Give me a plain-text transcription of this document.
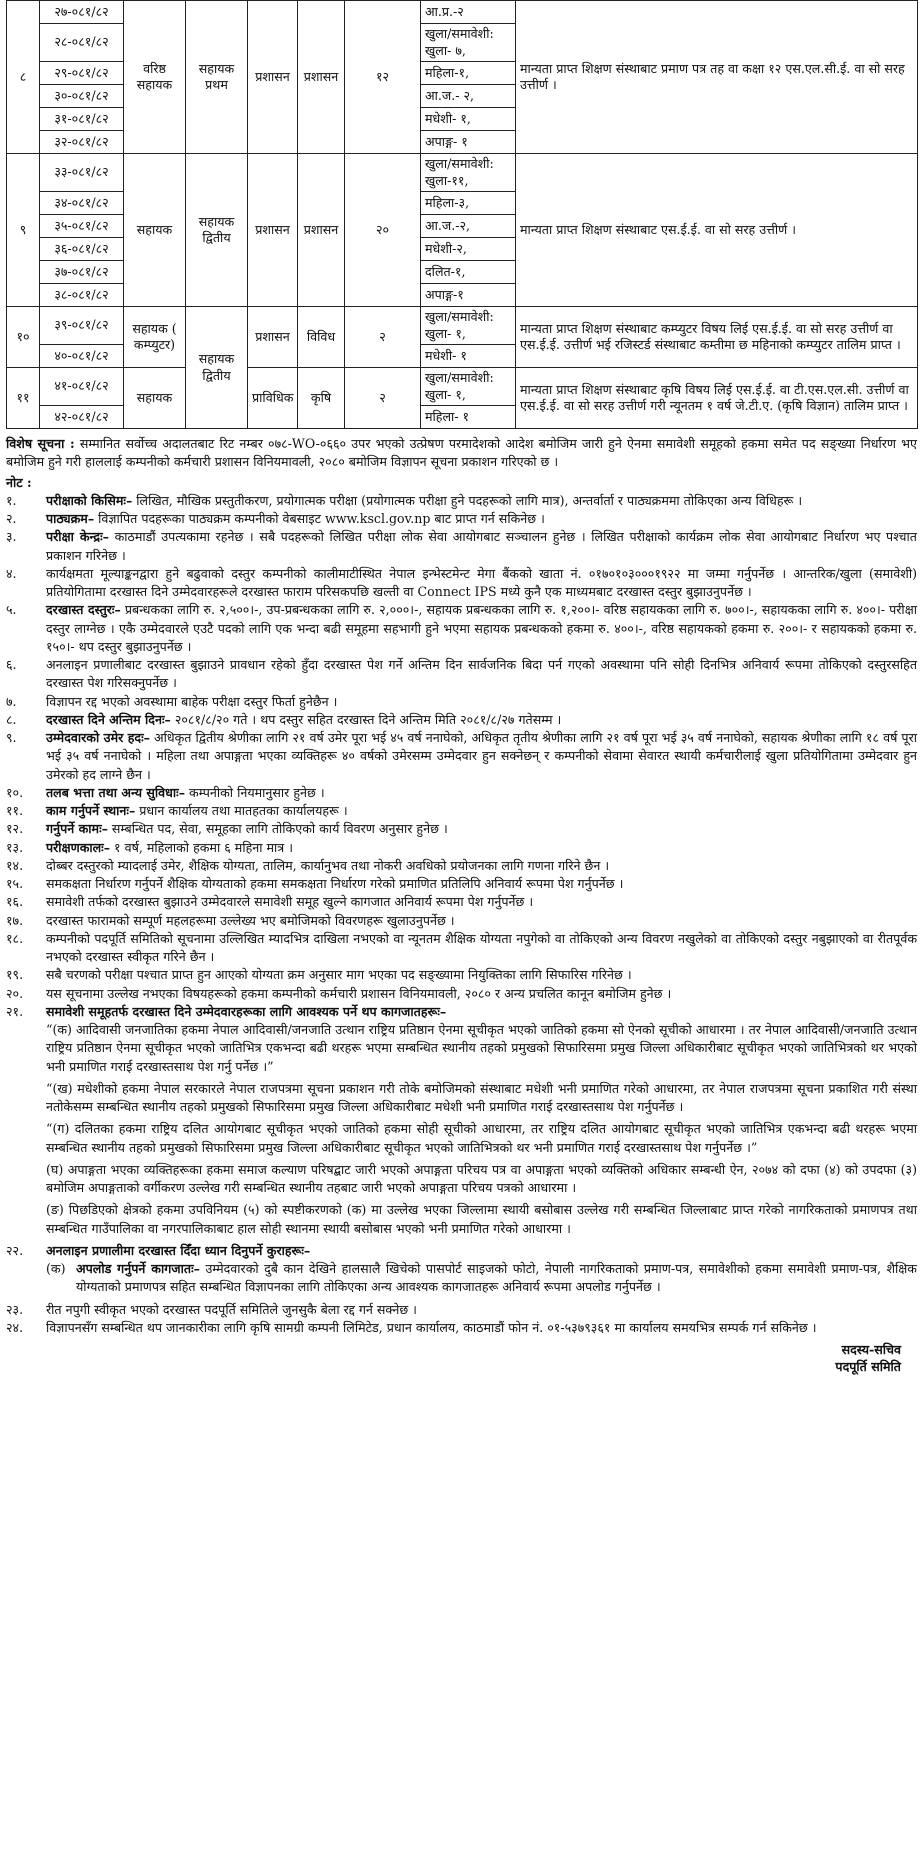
८	२७-०८१/८२	वरिष्ठ सहायक	सहायक प्रथम	प्रशासन	प्रशासन	१२	आ.प्र.-२	मान्यता प्राप्त शिक्षण संस्थाबाट प्रमाण पत्र तह वा कक्षा १२ एस.एल.सी.ई. वा सो सरह उत्तीर्ण ।
	२८-०८१/८२						खुला/समावेशी: खुला- ७,	
	२९-०८१/८२						महिला-१,	
	३०-०८१/८२						आ.ज.- २,	
	३१-०८१/८२						मधेशी- १,	
	३२-०८१/८२						अपाङ्ग- १	
९	३३-०८१/८२	सहायक	सहायक द्वितीय	प्रशासन	प्रशासन	२०	खुला/समावेशी: खुला-११,	मान्यता प्राप्त शिक्षण संस्थाबाट एस.ई.ई. वा सो सरह उत्तीर्ण ।
	३४-०८१/८२						महिला-३,	
	३५-०८१/८२						आ.ज.-२,	
	३६-०८१/८२						मधेशी-२,	
	३७-०८१/८२						दलित-१,	
	३८-०८१/८२						अपाङ्ग-१	
१०	३९-०८१/८२	सहायक ( कम्प्युटर)	सहायक द्वितीय	प्रशासन	विविध	२	खुला/समावेशी: खुला- १,	मान्यता प्राप्त शिक्षण संस्थाबाट कम्प्युटर विषय लिई एस.ई.ई. वा सो सरह उत्तीर्ण वा एस.ई.ई. उत्तीर्ण भई रजिस्टर्ड संस्थाबाट कम्तीमा छ महिनाको कम्प्युटर तालिम प्राप्त ।
	४०-०८१/८२						मधेशी- १	
११	४१-०८१/८२	सहायक		प्राविधिक	कृषि	२	खुला/समावेशी: खुला- १,	मान्यता प्राप्त शिक्षण संस्थाबाट कृषि विषय लिई एस.ई.ई. वा टी.एस.एल.सी. उत्तीर्ण वा एस.ई.ई. वा सो सरह उत्तीर्ण गरी न्यूनतम १ वर्ष जे.टी.ए. (कृषि विज्ञान) तालिम प्राप्त ।
	४२-०८१/८२						महिला- १	
विशेष सूचना : सम्मानित सर्वोच्च अदालतबाट रिट नम्बर ०७८-WO-०६६० उपर भएको उत्प्रेषण परमादेशको आदेश बमोजिम जारी हुने ऐनमा समावेशी समूहको हकमा समेत पद सङ्ख्या निर्धारण भए बमोजिम हुने गरी हाललाई कम्पनीको कर्मचारी प्रशासन विनियमावली, २०८० बमोजिम विज्ञापन सूचना प्रकाशन गरिएको छ ।
नोट :
१.	परीक्षाको किसिमः– लिखित, मौखिक प्रस्तुतीकरण, प्रयोगात्मक परीक्षा (प्रयोगात्मक परीक्षा हुने पदहरूको लागि मात्र), अन्तर्वार्ता र पाठ्यक्रममा तोकिएका अन्य विधिहरू ।
२.	पाठ्यक्रम– विज्ञापित पदहरूका पाठ्यक्रम कम्पनीको वेबसाइट www.kscl.gov.np बाट प्राप्त गर्न सकिनेछ ।
३.	परीक्षा केन्द्रः– काठमाडौं उपत्यकामा रहनेछ । सबै पदहरूको लिखित परीक्षा लोक सेवा आयोगबाट सञ्चालन हुनेछ । लिखित परीक्षाको कार्यक्रम लोक सेवा आयोगबाट निर्धारण भए पश्चात प्रकाशन गरिनेछ ।
४.	कार्यक्षमता मूल्याङ्कनद्वारा हुने बढुवाको दस्तुर कम्पनीको कालीमाटीस्थित नेपाल इन्भेस्टमेन्ट मेगा बैंकको खाता नं. ०१७०१०३०००१९२२ मा जम्मा गर्नुपर्नेछ । आन्तरिक/खुला (समावेशी) प्रतियोगितामा दरखास्त दिने उम्मेदवारहरूले दरखास्त फाराम परिसकपछि खल्ती वा Connect IPS मध्ये कुनै एक माध्यमबाट दरखास्त दस्तुर बुझाउनुपर्नेछ ।
५.	दरखास्त दस्तुरः– प्रबन्धकका लागि रु. २,५००।-, उप-प्रबन्धकका लागि रु. २,०००।-, सहायक प्रबन्धकका लागि रु. १,२००।- वरिष्ठ सहायकका लागि रु. ७००।-, सहायकका लागि रु. ४००।- परीक्षा दस्तुर लाग्नेछ । एकै उम्मेदवारले एउटै पदको लागि एक भन्दा बढी समूहमा सहभागी हुने भएमा सहायक प्रबन्धकको हकमा रु. ४००।-, वरिष्ठ सहायकको हकमा रु. २००।- र सहायकको हकमा रु. १५०।- थप दस्तुर बुझाउनुपर्नेछ ।
६.	अनलाइन प्रणालीबाट दरखास्त बुझाउने प्रावधान रहेको हुँदा दरखास्त पेश गर्ने अन्तिम दिन सार्वजनिक बिदा पर्न गएको अवस्थामा पनि सोही दिनभित्र अनिवार्य रूपमा तोकिएको दस्तुरसहित दरखास्त पेश गरिसक्नुपर्नेछ ।
७.	विज्ञापन रद्द भएको अवस्थामा बाहेक परीक्षा दस्तुर फिर्ता हुनेछैन ।
८.	दरखास्त दिने अन्तिम दिनः– २०८१/८/२० गते । थप दस्तुर सहित दरखास्त दिने अन्तिम मिति २०८१/८/२७ गतेसम्म ।
९.	उम्मेदवारको उमेर हदः– अधिकृत द्वितीय श्रेणीका लागि २१ वर्ष उमेर पूरा भई ४५ वर्ष ननाघेको, अधिकृत तृतीय श्रेणीका लागि २१ वर्ष पूरा भई ३५ वर्ष ननाघेको, सहायक श्रेणीका लागि १८ वर्ष पूरा भई ३५ वर्ष ननाघेको । महिला तथा अपाङ्गता भएका व्यक्तिहरू ४० वर्षको उमेरसम्म उम्मेदवार हुन सक्नेछन् र कम्पनीको सेवामा सेवारत स्थायी कर्मचारीलाई खुला प्रतियोगितामा उम्मेदवार हुन उमेरको हद लाग्ने छैन ।
१०.	तलब भत्ता तथा अन्य सुविधाः– कम्पनीको नियमानुसार हुनेछ ।
११.	काम गर्नुपर्ने स्थानः– प्रधान कार्यालय तथा मातहतका कार्यालयहरू ।
१२.	गर्नुपर्ने कामः– सम्बन्धित पद, सेवा, समूहका लागि तोकिएको कार्य विवरण अनुसार हुनेछ ।
१३.	परीक्षणकालः– १ वर्ष, महिलाको हकमा ६ महिना मात्र ।
१४.	दोब्बर दस्तुरको म्यादलाई उमेर, शैक्षिक योग्यता, तालिम, कार्यानुभव तथा नोकरी अवधिको प्रयोजनका लागि गणना गरिने छैन ।
१५.	समकक्षता निर्धारण गर्नुपर्ने शैक्षिक योग्यताको हकमा समकक्षता निर्धारण गरेको प्रमाणित प्रतिलिपि अनिवार्य रूपमा पेश गर्नुपर्नेछ ।
१६.	समावेशी तर्फको दरखास्त बुझाउने उम्मेदवारले समावेशी समूह खुल्ने कागजात अनिवार्य रूपमा पेश गर्नुपर्नेछ ।
१७.	दरखास्त फारामको सम्पूर्ण महलहरूमा उल्लेख्य भए बमोजिमको विवरणहरू खुलाउनुपर्नेछ ।
१८.	कम्पनीको पदपूर्ति समितिको सूचनामा उल्लिखित म्यादभित्र दाखिला नभएको वा न्यूनतम शैक्षिक योग्यता नपुगेको वा तोकिएको अन्य विवरण नखुलेको वा तोकिएको दस्तुर नबुझाएको वा रीतपूर्वक नभएको दरखास्त स्वीकृत गरिने छैन ।
१९.	सबै चरणको परीक्षा पश्चात प्राप्त हुन आएको योग्यता क्रम अनुसार माग भएका पद सङ्ख्यामा नियुक्तिका लागि सिफारिस गरिनेछ ।
२०.	यस सूचनामा उल्लेख नभएका विषयहरूको हकमा कम्पनीको कर्मचारी प्रशासन विनियमावली, २०८० र अन्य प्रचलित कानून बमोजिम हुनेछ ।
२१.	समावेशी समूहतर्फ दरखास्त दिने उम्मेदवारहरूका लागि आवश्यक पर्ने थप कागजातहरूः–
“(क) आदिवासी जनजातिका हकमा नेपाल आदिवासी/जनजाति उत्थान राष्ट्रिय प्रतिष्ठान ऐनमा सूचीकृत भएको जातिको हकमा सो ऐनको सूचीको आधारमा । तर नेपाल आदिवासी/जनजाति उत्थान राष्ट्रिय प्रतिष्ठान ऐनमा सूचीकृत भएको जातिभित्र एकभन्दा बढी थरहरू भएमा सम्बन्धित स्थानीय तहको प्रमुखको सिफारिसमा प्रमुख जिल्ला अधिकारीबाट सूचीकृत भएको जातिभित्रको थर भएको भनी प्रमाणित गराई दरखास्तसाथ पेश गर्नु पर्नेछ ।”
“(ख) मधेशीको हकमा नेपाल सरकारले नेपाल राजपत्रमा सूचना प्रकाशन गरी तोके बमोजिमको संस्थाबाट मधेशी भनी प्रमाणित गरेको आधारमा, तर नेपाल राजपत्रमा सूचना प्रकाशित गरी संस्था नतोकेसम्म सम्बन्धित स्थानीय तहको प्रमुखको सिफारिसमा प्रमुख जिल्ला अधिकारीबाट मधेशी भनी प्रमाणित गराई दरखास्तसाथ पेश गर्नुपर्नेछ ।
“(ग) दलितका हकमा राष्ट्रिय दलित आयोगबाट सूचीकृत भएको जातिको हकमा सोही सूचीको आधारमा, तर राष्ट्रिय दलित आयोगबाट सूचीकृत भएको जातिभित्र एकभन्दा बढी थरहरू भएमा सम्बन्धित स्थानीय तहको प्रमुखको सिफारिसमा प्रमुख जिल्ला अधिकारीबाट सूचीकृत भएको जातिभित्रको थर भनी प्रमाणित गराई दरखास्तसाथ पेश गर्नुपर्नेछ ।”
(घ) अपाङ्गता भएका व्यक्तिहरूका हकमा समाज कल्याण परिषद्बाट जारी भएको अपाङ्गता परिचय पत्र वा अपाङ्गता भएको व्यक्तिको अधिकार सम्बन्धी ऐन, २०७४ को दफा (४) को उपदफा (३) बमोजिम अपाङ्गताको वर्गीकरण उल्लेख गरी सम्बन्धित स्थानीय तहबाट जारी भएको अपाङ्गता परिचय पत्रको आधारमा ।
(ङ) पिछडिएको क्षेत्रको हकमा उपविनियम (५) को स्पष्टीकरणको (क) मा उल्लेख भएका जिल्लामा स्थायी बसोबास उल्लेख गरी सम्बन्धित जिल्लाबाट प्राप्त गरेको नागरिकताको प्रमाणपत्र तथा सम्बन्धित गाउँपालिका वा नगरपालिकाबाट हाल सोही स्थानमा स्थायी बसोबास भएको भनी प्रमाणित गरेको आधारमा ।
२२.	अनलाइन प्रणालीमा दरखास्त दिँदा ध्यान दिनुपर्ने कुराहरूः–
(क) अपलोड गर्नुपर्ने कागजातः– उम्मेदवारको दुबै कान देखिने हालसालै खिचेको पासपोर्ट साइजको फोटो, नेपाली नागरिकताको प्रमाण-पत्र, समावेशीको हकमा समावेशी प्रमाण-पत्र, शैक्षिक योग्यताको प्रमाणपत्र सहित सम्बन्धित विज्ञापनका लागि तोकिएका अन्य आवश्यक कागजातहरू अनिवार्य रूपमा अपलोड गर्नुपर्नेछ ।
२३.	रीत नपुगी स्वीकृत भएको दरखास्त पदपूर्ति समितिले जुनसुकै बेला रद्द गर्न सक्नेछ ।
२४.	विज्ञापनसँग सम्बन्धित थप जानकारीका लागि कृषि सामग्री कम्पनी लिमिटेड, प्रधान कार्यालय, काठमाडौं फोन नं. ०१-५३७९३६१ मा कार्यालय समयभित्र सम्पर्क गर्न सकिनेछ ।
सदस्य-सचिव
पदपूर्ति समिति
